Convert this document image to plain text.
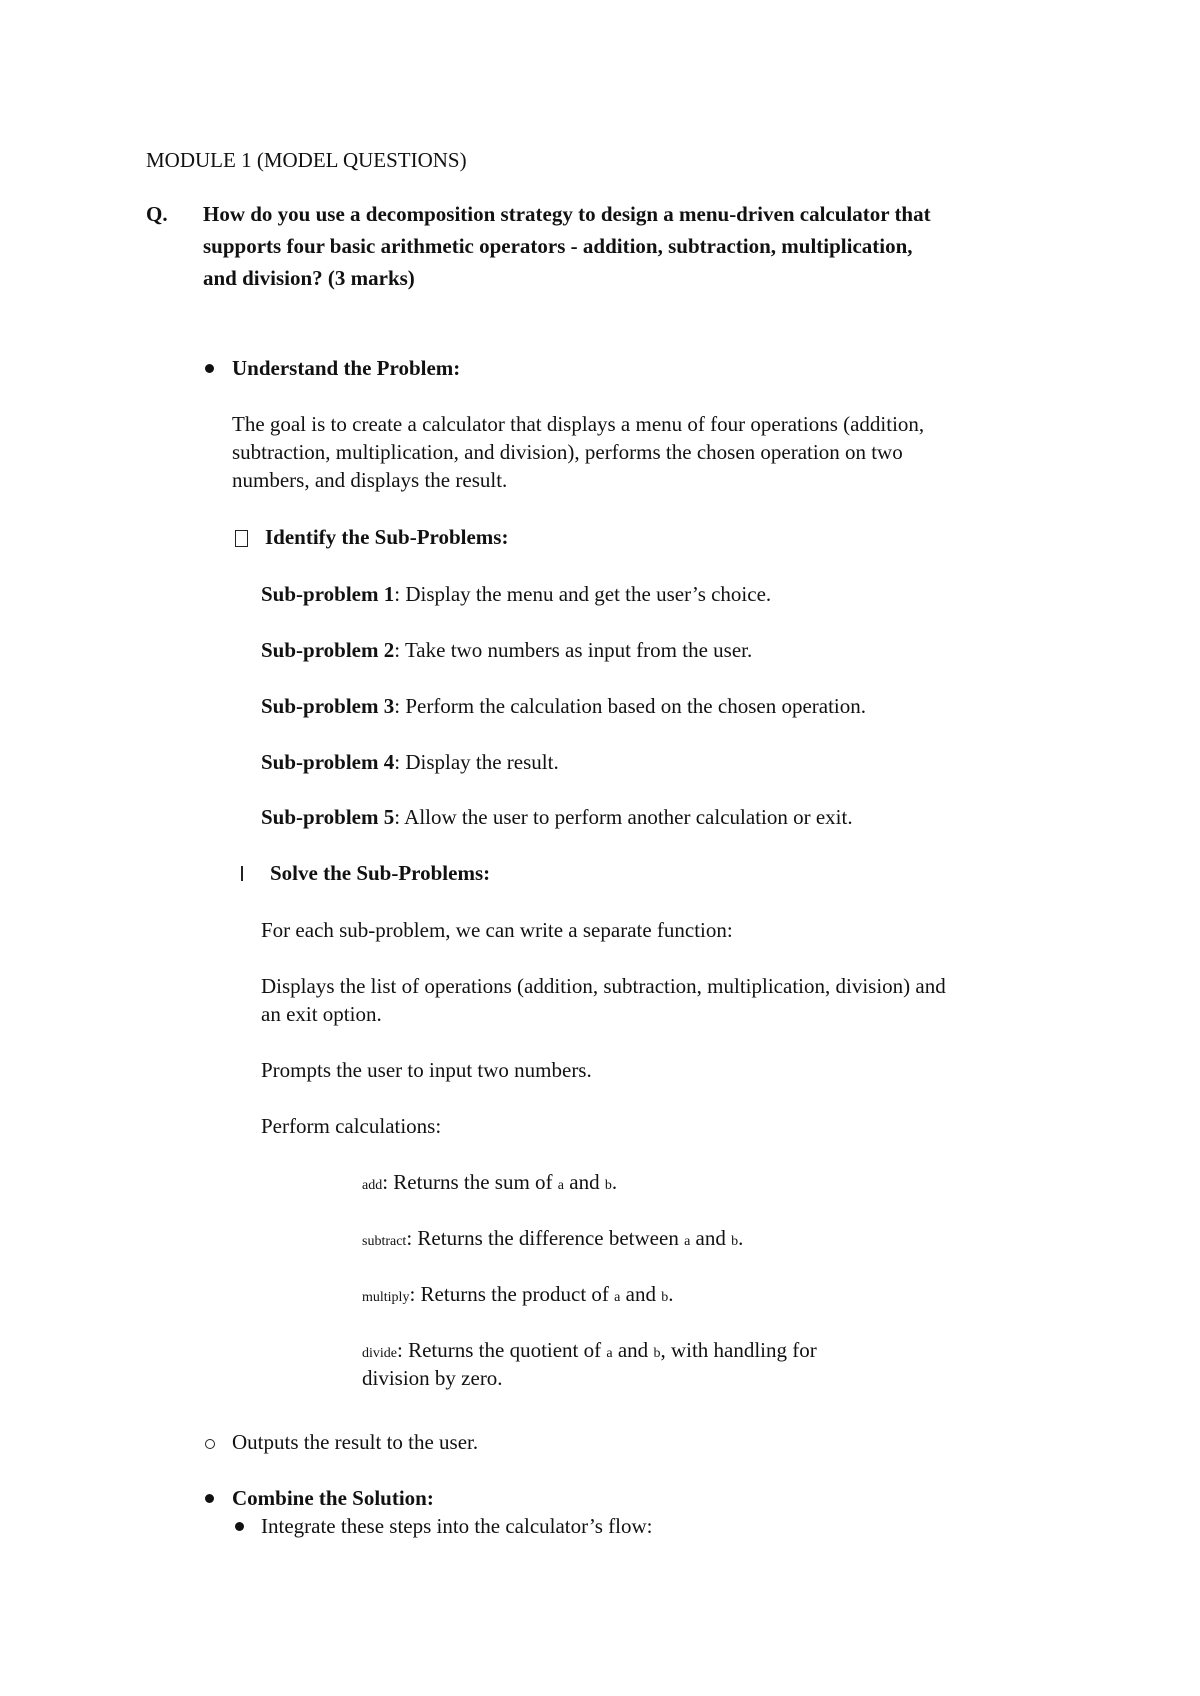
MODULE 1 (MODEL QUESTIONS)
Q. How do you use a decomposition strategy to design a menu-driven calculator that
supports four basic arithmetic operators - addition, subtraction, multiplication,
and division? (3 marks)
Understand the Problem:
The goal is to create a calculator that displays a menu of four operations (addition,
subtraction, multiplication, and division), performs the chosen operation on two
numbers, and displays the result.
Identify the Sub-Problems:
Sub-problem 1: Display the menu and get the user’s choice.
Sub-problem 2: Take two numbers as input from the user.
Sub-problem 3: Perform the calculation based on the chosen operation.
Sub-problem 4: Display the result.
Sub-problem 5: Allow the user to perform another calculation or exit.
Solve the Sub-Problems:
For each sub-problem, we can write a separate function:
Displays the list of operations (addition, subtraction, multiplication, division) and
an exit option.
Prompts the user to input two numbers.
Perform calculations:
add: Returns the sum of a and b.
subtract: Returns the difference between a and b.
multiply: Returns the product of a and b.
divide: Returns the quotient of a and b, with handling for
division by zero.
Outputs the result to the user.
Combine the Solution:
Integrate these steps into the calculator’s flow:
